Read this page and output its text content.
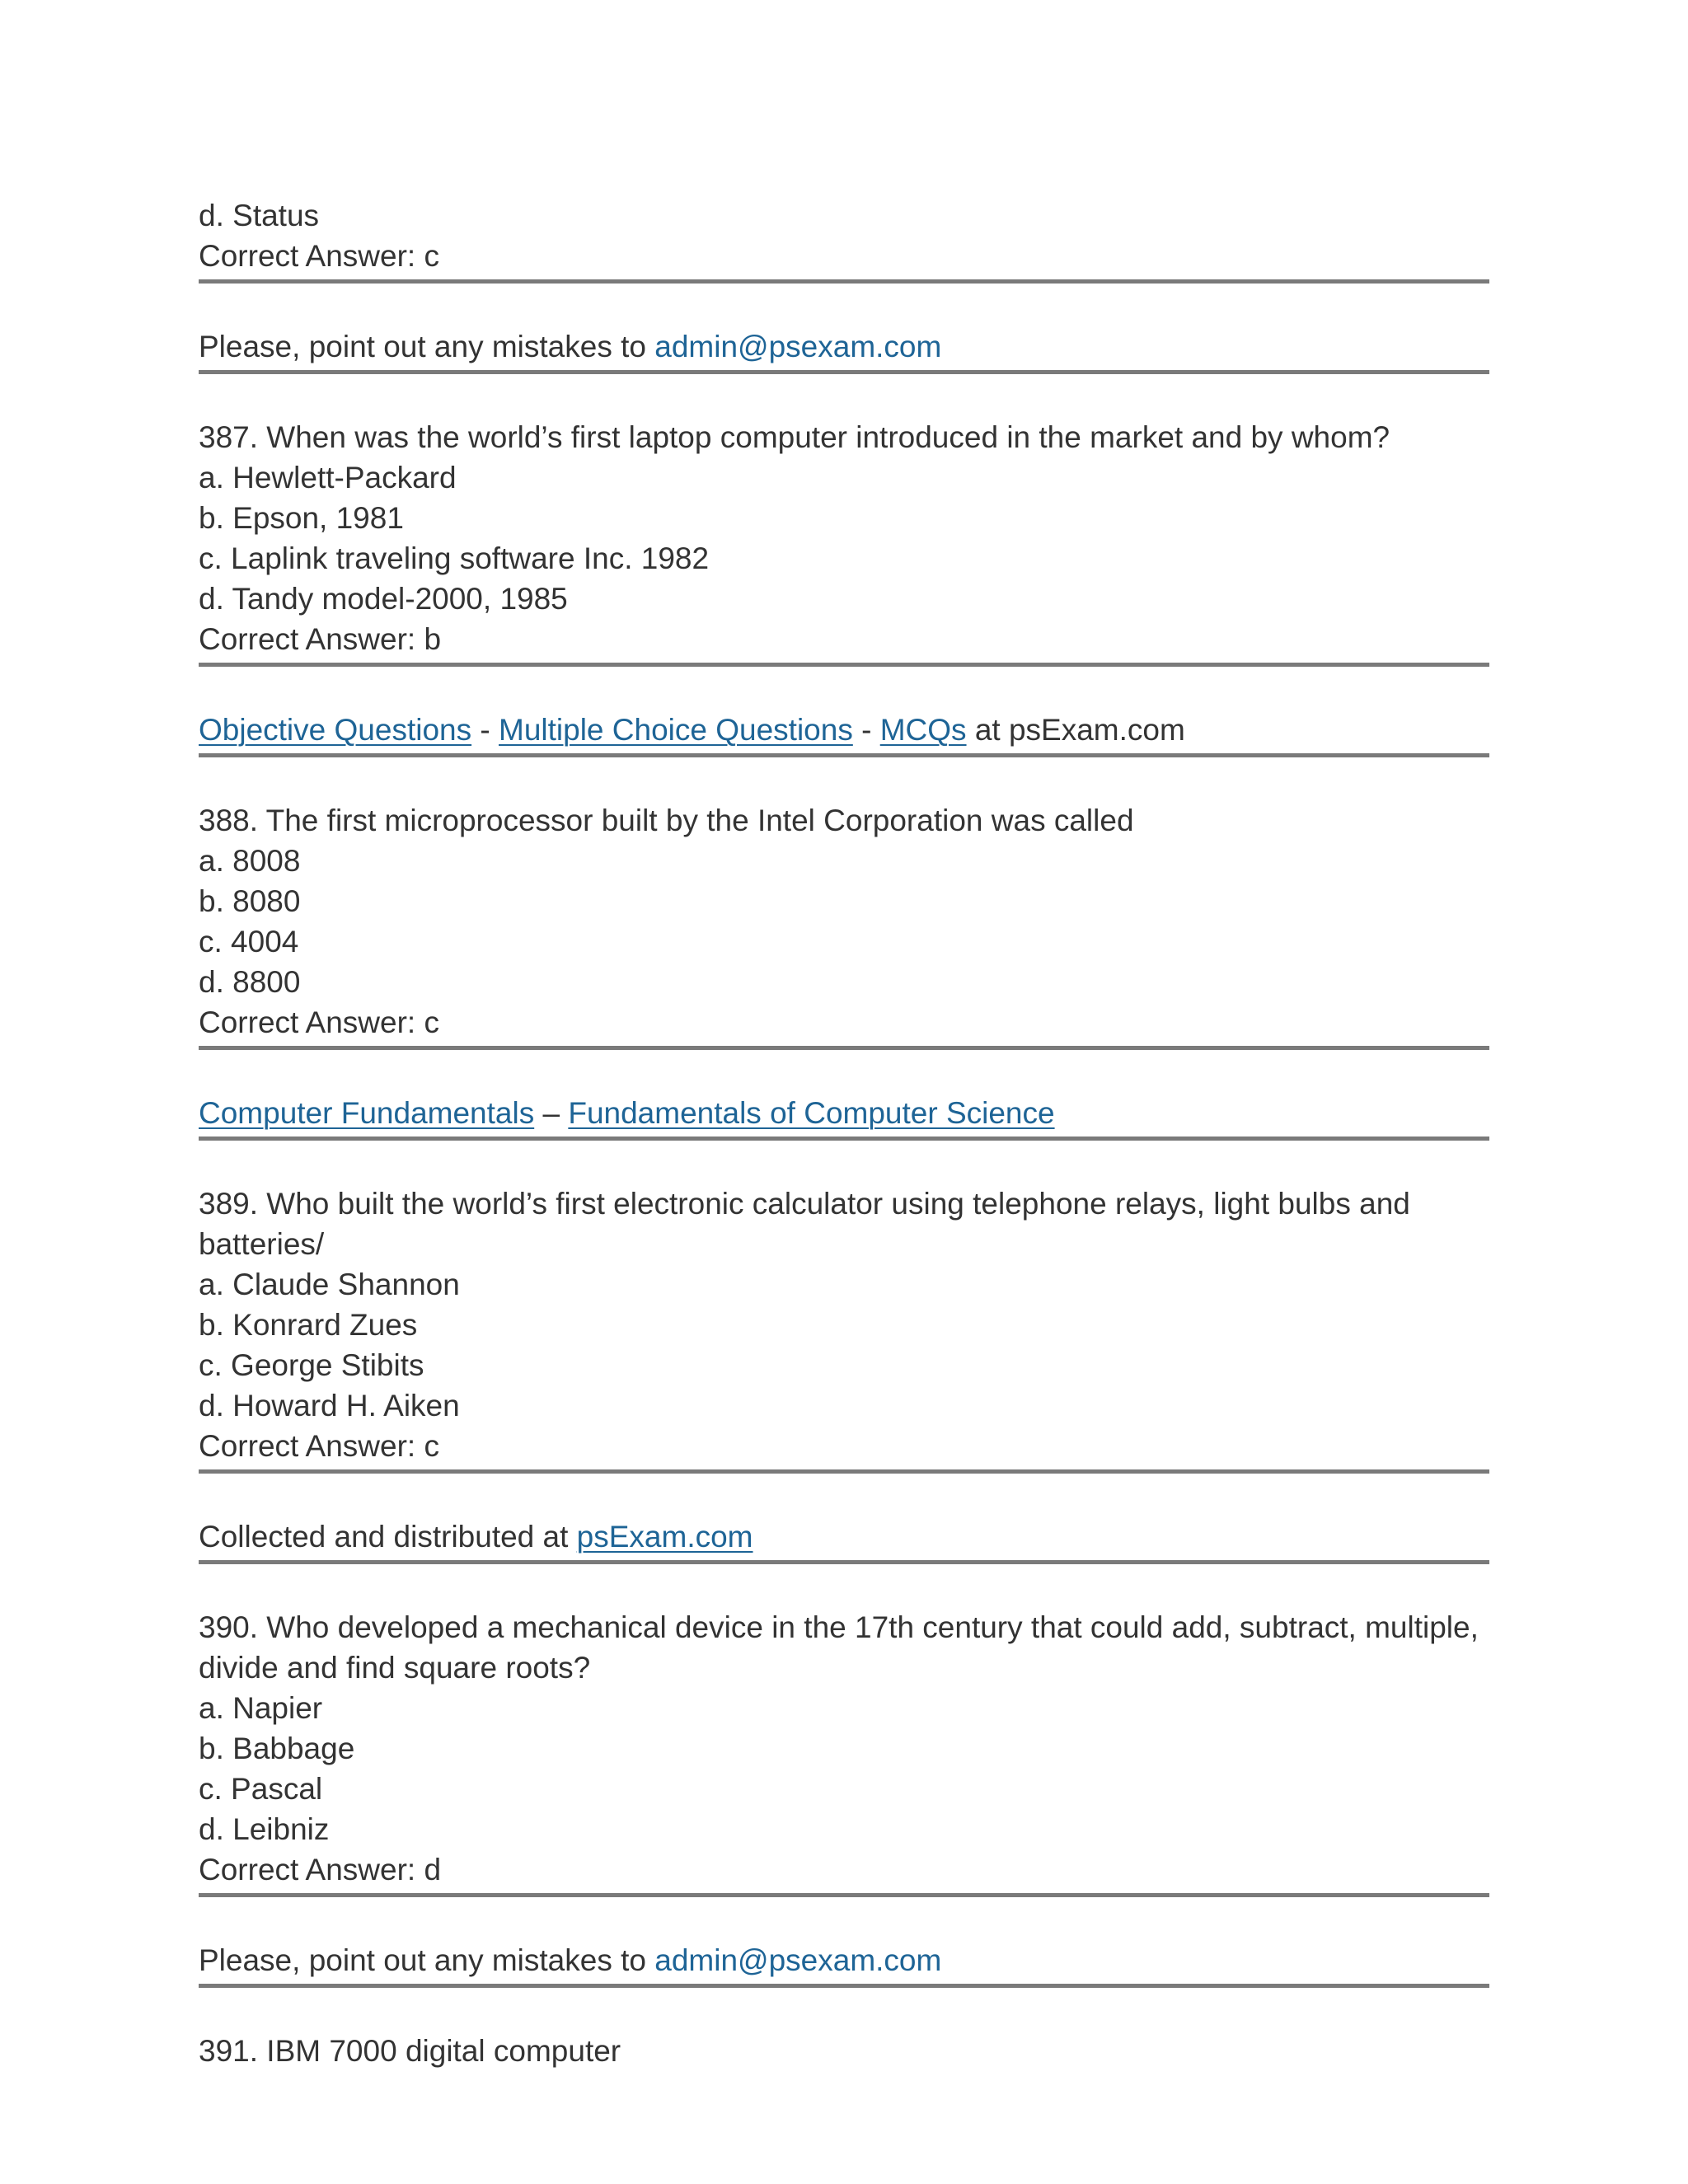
d. Status
Correct Answer: c
Please, point out any mistakes to admin@psexam.com
387. When was the world’s first laptop computer introduced in the market and by whom?
a. Hewlett-Packard
b. Epson, 1981
c. Laplink traveling software Inc. 1982
d. Tandy model-2000, 1985
Correct Answer: b
Objective Questions - Multiple Choice Questions - MCQs at psExam.com
388. The first microprocessor built by the Intel Corporation was called
a. 8008
b. 8080
c. 4004
d. 8800
Correct Answer: c
Computer Fundamentals – Fundamentals of Computer Science
389. Who built the world’s first electronic calculator using telephone relays, light bulbs and
batteries/
a. Claude Shannon
b. Konrard Zues
c. George Stibits
d. Howard H. Aiken
Correct Answer: c
Collected and distributed at psExam.com
390. Who developed a mechanical device in the 17th century that could add, subtract, multiple,
divide and find square roots?
a. Napier
b. Babbage
c. Pascal
d. Leibniz
Correct Answer: d
Please, point out any mistakes to admin@psexam.com
391. IBM 7000 digital computer
